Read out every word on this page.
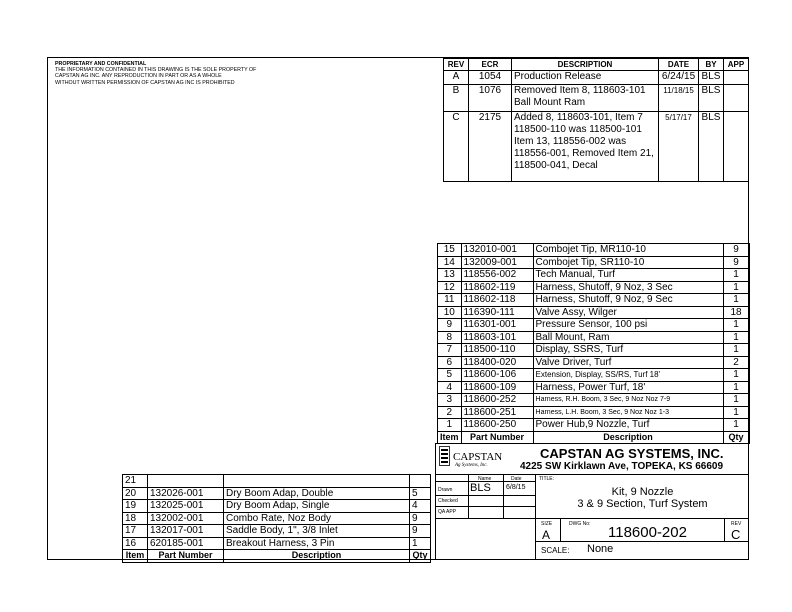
PROPRIETARY AND CONFIDENTIAL
THE INFORMATION CONTAINED IN THIS DRAWING IS THE SOLE PROPERTY OF
CAPSTAN AG INC. ANY REPRODUCTION IN PART OR AS A WHOLE
WITHOUT WRITTEN PERMISSION OF CAPSTAN AG INC IS PROHIBITED
REV	ECR	DESCRIPTION	DATE	BY	APP
A	1054	Production Release	6/24/15	BLS	
B	1076	Removed Item 8, 118603-101 Ball Mount Ram	11/18/15	BLS	
C	2175	Added 8, 118603-101, Item 7 118500-110 was 118500-101 Item 13, 118556-002 was 118556-001, Removed Item 21, 118500-041, Decal	5/17/17	BLS	
15	132010-001	Combojet Tip, MR110-10	9
14	132009-001	Combojet Tip, SR110-10	9
13	118556-002	Tech Manual, Turf	1
12	118602-119	Harness, Shutoff, 9 Noz, 3 Sec	1
11	118602-118	Harness, Shutoff, 9 Noz, 9 Sec	1
10	116390-111	Valve Assy, Wilger	18
9	116301-001	Pressure Sensor, 100 psi	1
8	118603-101	Ball Mount, Ram	1
7	118500-110	Display, SSRS, Turf	1
6	118400-020	Valve Driver, Turf	2
5	118600-106	Extension, Display, SS/RS, Turf 18'	1
4	118600-109	Harness, Power Turf, 18'	1
3	118600-252	Harness, R.H. Boom, 3 Sec, 9 Noz Noz 7-9	1
2	118600-251	Harness, L.H. Boom, 3 Sec, 9 Noz Noz 1-3	1
1	118600-250	Power Hub,9 Nozzle, Turf	1
Item	Part Number	Description	Qty
21			
20	132026-001	Dry Boom Adap, Double	5
19	132025-001	Dry Boom Adap, Single	4
18	132002-001	Combo Rate, Noz Body	9
17	132017-001	Saddle Body, 1", 3/8 Inlet	9
16	620185-001	Breakout Harness, 3 Pin	1
Item	Part Number	Description	Qty
CAPSTAN
Ag Systems, Inc.
CAPSTAN AG SYSTEMS, INC.
4225 SW Kirklawn Ave, TOPEKA, KS 66609
Name	Date
Drawn BLS 6/8/15
Checked
QA APP
TITLE:
Kit, 9 Nozzle
3 & 9 Section, Turf System
SIZE
A
DWG No: 118600-202	REV
C
SCALE: None
